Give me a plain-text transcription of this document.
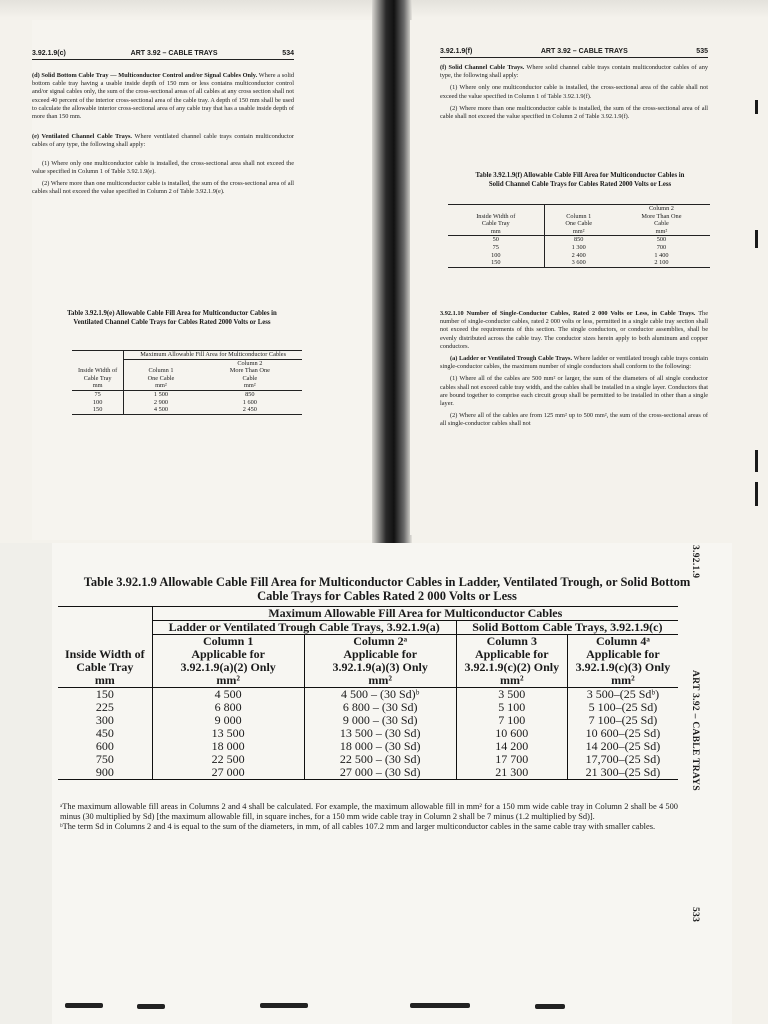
3.92.1.9(c)	ART 3.92 – CABLE TRAYS	534

(d) Solid Bottom Cable Tray — Multiconductor Control and/or Signal Cables Only. Where a solid bottom cable tray having a usable inside depth of 150 mm or less contains multiconductor control and/or signal cables only, the sum of the cross-sectional areas of all cables at any cross section shall not exceed 40 percent of the interior cross-sectional area of the cable tray. A depth of 150 mm shall be used to calculate the allowable interior cross-sectional area of any cable tray that has a usable inside depth of more than 150 mm.

(e) Ventilated Channel Cable Trays. Where ventilated channel cable trays contain multiconductor cables of any type, the following shall apply:

(1) Where only one multiconductor cable is installed, the cross-sectional area shall not exceed the value specified in Column 1 of Table 3.92.1.9(e).

(2) Where more than one multiconductor cable is installed, the sum of the cross-sectional area of all cables shall not exceed the value specified in Column 2 of Table 3.92.1.9(e).

Table 3.92.1.9(e) Allowable Cable Fill Area for Multiconductor Cables in Ventilated Channel Cable Trays for Cables Rated 2000 Volts or Less
	Maximum Allowable Fill Area for Multiconductor Cables	
		Column 2
Inside Width of	Column 1	More Than One
Cable Tray	One Cable	Cable
mm	mm²	mm²
75	1 500	850
100	2 900	1 600
150	4 500	2 450
3.92.1.9(f)	ART 3.92 – CABLE TRAYS	535

(f) Solid Channel Cable Trays. Where solid channel cable trays contain multiconductor cables of any type, the following shall apply:

(1) Where only one multiconductor cable is installed, the cross-sectional area of the cable shall not exceed the value specified in Column 1 of Table 3.92.1.9(f).

(2) Where more than one multiconductor cable is installed, the sum of the cross-sectional area of all cable shall not exceed the value specified in Column 2 of Table 3.92.1.9(f).

Table 3.92.1.9(f) Allowable Cable Fill Area for Multiconductor Cables in Solid Channel Cable Trays for Cables Rated 2000 Volts or Less
		Column 2
Inside Width of	Column 1	More Than One
Cable Tray	One Cable	Cable
mm	mm²	mm²
50	850	500
75	1 300	700
100	2 400	1 400
150	3 600	2 100

3.92.1.10 Number of Single-Conductor Cables, Rated 2 000 Volts or Less, in Cable Trays. The number of single-conductor cables, rated 2 000 volts or less, permitted in a single cable tray section shall not exceed the requirements of this section. The single conductors, or conductor assemblies, shall be evenly distributed across the cable tray. The conductor sizes herein apply to both aluminum and copper conductors.

(a) Ladder or Ventilated Trough Cable Trays. Where ladder or ventilated trough cable trays contain single-conductor cables, the maximum number of single conductors shall conform to the following:

(1) Where all of the cables are 500 mm² or larger, the sum of the diameters of all single conductor cables shall not exceed cable tray width, and the cables shall be installed in a single layer. Conductors that are bound together to comprise each circuit group shall be permitted to be installed in other than a single layer.

(2) Where all of the cables are from 125 mm² up to 500 mm², the sum of the cross-sectional areas of all single-conductor cables shall not

Table 3.92.1.9 Allowable Cable Fill Area for Multiconductor Cables in Ladder, Ventilated Trough, or Solid Bottom Cable Trays for Cables Rated 2 000 Volts or Less
	Maximum Allowable Fill Area for Multiconductor Cables			
	Ladder or Ventilated Trough Cable Trays, 3.92.1.9(a)		Solid Bottom Cable Trays, 3.92.1.9(c)	
	Column 1	Column 2ᵃ	Column 3	Column 4ᵃ
Inside Width of	Applicable for	Applicable for	Applicable for	Applicable for
Cable Tray	3.92.1.9(a)(2) Only	3.92.1.9(a)(3) Only	3.92.1.9(c)(2) Only	3.92.1.9(c)(3) Only
mm	mm²	mm²	mm²	mm²
150	4 500	4 500 – (30 Sd)ᵇ	3 500	3 500–(25 Sdᵇ)
225	6 800	6 800 – (30 Sd)	5 100	5 100–(25 Sd)
300	9 000	9 000 – (30 Sd)	7 100	7 100–(25 Sd)
450	13 500	13 500 – (30 Sd)	10 600	10 600–(25 Sd)
600	18 000	18 000 – (30 Sd)	14 200	14 200–(25 Sd)
750	22 500	22 500 – (30 Sd)	17 700	17,700–(25 Sd)
900	27 000	27 000 – (30 Sd)	21 300	21 300–(25 Sd)

ᵃThe maximum allowable fill areas in Columns 2 and 4 shall be calculated. For example, the maximum allowable fill in mm² for a 150 mm wide cable tray in Column 2 shall be 4 500 minus (30 multiplied by Sd) [the maximum allowable fill, in square inches, for a 150 mm wide cable tray in Column 2 shall be 7 minus (1.2 multiplied by Sd)].

ᵇThe term Sd in Columns 2 and 4 is equal to the sum of the diameters, in mm, of all cables 107.2 mm and larger multiconductor cables in the same cable tray with smaller cables.

3.92.1.9
ART 3.92 – CABLE TRAYS
533
